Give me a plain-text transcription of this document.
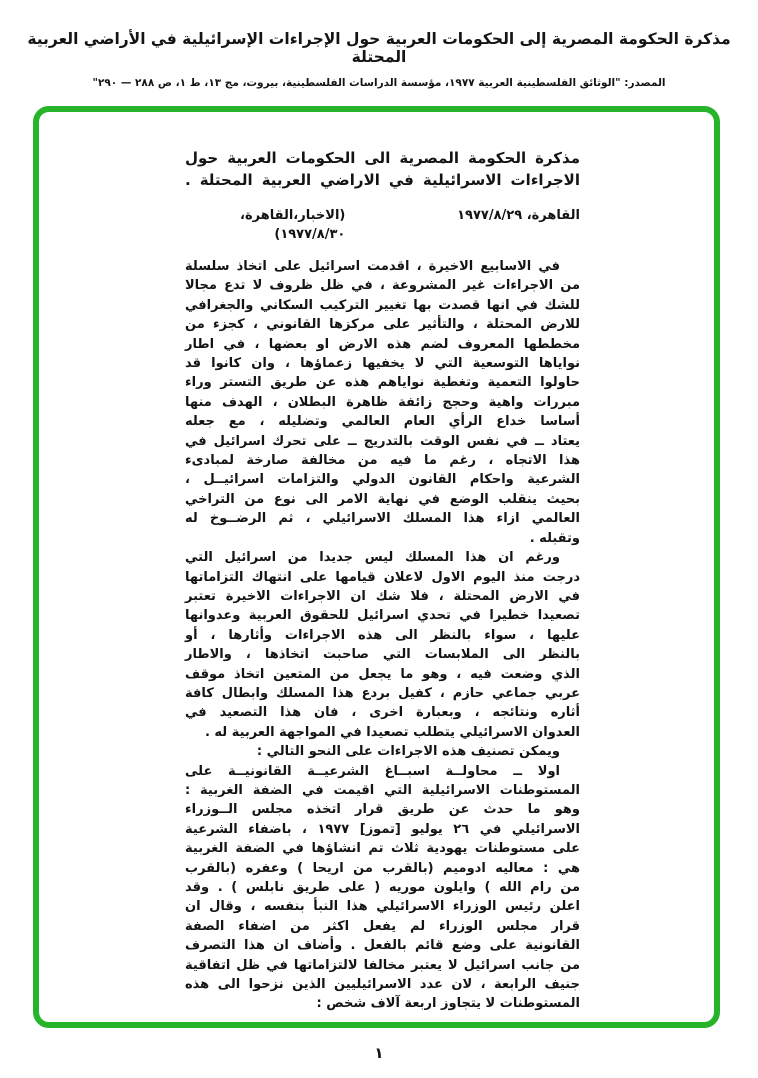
مذكرة الحكومة المصرية إلى الحكومات العربية حول الإجراءات الإسرائيلية في الأراضي العربية المحتلة
المصدر: "الوثائق الفلسطينية العربية ١٩٧٧، مؤسسة الدراسات الفلسطينية، بيروت، مج ١٣، ط ١، ص ٢٨٨ — ٢٩٠"
مذكرة الحكومة المصرية الى الحكومات العربية حول
الاجراءات الاسرائيلية في الاراضي العربية المحتلة .
القاهرة، ١٩٧٧/٨/٢٩
(الاخبار،القاهرة،
١٩٧٧/٨/٣٠)
في الاسابيع الاخيرة ، اقدمت اسرائيل على اتخاذ سلسلة
من الاجراءات غير المشروعة ، في ظل ظروف لا تدع مجالا
للشك في انها قصدت بها تغيير التركيب السكاني والجغرافي
للارض المحتلة ، والتأثير على مركزها القانوني ، كجزء من
مخططها المعروف لضم هذه الارض او بعضها ، في اطار
نواياها التوسعية التي لا يخفيها زعماؤها ، وان كانوا قد
حاولوا التعمية وتغطية نواياهم هذه عن طريق التستر وراء
مبررات واهية وحجج زائفة ظاهرة البطلان ، الهدف منها
أساسا خداع الرأي العام العالمي وتضليله ، مع جعله
يعتاد ــ في نفس الوقت بالتدريج ــ على تحرك اسرائيل في
هذا الاتجاه ، رغم ما فيه من مخالفة صارخة لمبادىء
الشرعية واحكام القانون الدولي والتزامات اسرائيــل ،
بحيث ينقلب الوضع في نهاية الامر الى نوع من التراخي
العالمي ازاء هذا المسلك الاسرائيلي ، ثم الرضــوخ له
وتقبله .
ورغم ان هذا المسلك ليس جديدا من اسرائيل التي
درجت منذ اليوم الاول لاعلان قيامها على انتهاك التزاماتها
في الارض المحتلة ، فلا شك ان الاجراءات الاخيرة تعتبر
تصعيدا خطيرا في تحدي اسرائيل للحقوق العربية وعدوانها
عليها ، سواء بالنظر الى هذه الاجراءات وأثارها ، أو
بالنظر الى الملابسات التي صاحبت اتخاذها ، والاطار
الذي وضعت فيه ، وهو ما يجعل من المتعين اتخاذ موقف
عربي جماعي حازم ، كفيل بردع هذا المسلك وابطال كافة
أثاره ونتائجه ، وبعبارة اخرى ، فان هذا التصعيد في
العدوان الاسرائيلي يتطلب تصعيدا في المواجهة العربية له .
ويمكن تصنيف هذه الاجراءات على النحو التالي :
اولا ــ محاولــة اسبــاغ الشرعيــة القانونيــة على
المستوطنات الاسرائيلية التي اقيمت في الضفة الغربية :
وهو ما حدث عن طريق قرار اتخذه مجلس الــوزراء
الاسرائيلي في ٢٦ يوليو [تموز] ١٩٧٧ ، باضفاء الشرعية
على مستوطنات يهودية ثلاث تم انشاؤها في الضفة الغربية
هي : معاليه ادوميم (بالقرب من اريحا ) وعفره (بالقرب
من رام الله ) وايلون موريه ( على طريق نابلس ) . وقد
اعلن رئيس الوزراء الاسرائيلي هذا النبأ بنفسه ، وقال ان
قرار مجلس الوزراء لم يفعل اكثر من اضفاء الصفة
القانونية على وضع قائم بالفعل . وأضاف ان هذا التصرف
من جانب اسرائيل لا يعتبر مخالفا لالتزاماتها في ظل اتفاقية
جنيف الرابعة ، لان عدد الاسرائيليين الذين نزحوا الى هذه
المستوطنات لا يتجاوز اربعة آلاف شخص :
١
